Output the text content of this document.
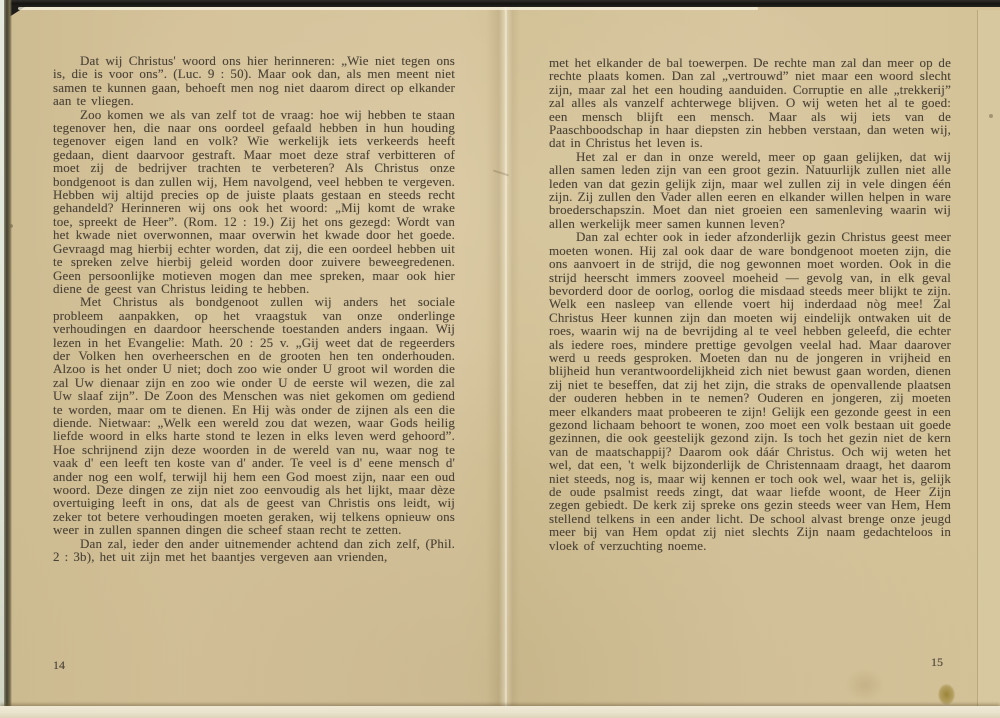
Dat wij Christus' woord ons hier herinneren: „Wie niet tegen ons is, die is voor ons”. (Luc. 9 : 50). Maar ook dan, als men meent niet samen te kunnen gaan, behoeft men nog niet daarom direct op elkander aan te vliegen.

Zoo komen we als van zelf tot de vraag: hoe wij hebben te staan tegenover hen, die naar ons oordeel gefaald hebben in hun houding tegenover eigen land en volk? Wie werkelijk iets verkeerds heeft gedaan, dient daarvoor gestraft. Maar moet deze straf verbitteren of moet zij de bedrijver trachten te verbeteren? Als Christus onze bondgenoot is dan zullen wij, Hem navolgend, veel hebben te vergeven. Hebben wij altijd precies op de juiste plaats gestaan en steeds recht gehandeld? Herinneren wij ons ook het woord: „Mij komt de wrake toe, spreekt de Heer”. (Rom. 12 : 19.) Zij het ons gezegd: Wordt van het kwade niet overwonnen, maar overwin het kwade door het goede. Gevraagd mag hierbij echter worden, dat zij, die een oordeel hebben uit te spreken zelve hierbij geleid worden door zuivere beweegredenen. Geen persoonlijke motieven mogen dan mee spreken, maar ook hier diene de geest van Christus leiding te hebben.

Met Christus als bondgenoot zullen wij anders het sociale probleem aanpakken, op het vraagstuk van onze onderlinge verhoudingen en daardoor heerschende toestanden anders ingaan. Wij lezen in het Evangelie: Math. 20 : 25 v. „Gij weet dat de regeerders der Volken hen overheerschen en de grooten hen ten onderhouden. Alzoo is het onder U niet; doch zoo wie onder U groot wil worden die zal Uw dienaar zijn en zoo wie onder U de eerste wil wezen, die zal Uw slaaf zijn”. De Zoon des Menschen was niet gekomen om gediend te worden, maar om te dienen. En Hij wàs onder de zijnen als een die diende. Nietwaar: „Welk een wereld zou dat wezen, waar Gods heilig liefde woord in elks harte stond te lezen in elks leven werd gehoord”. Hoe schrijnend zijn deze woorden in de wereld van nu, waar nog te vaak d' een leeft ten koste van d' ander. Te veel is d' eene mensch d' ander nog een wolf, terwijl hij hem een God moest zijn, naar een oud woord. Deze dingen ze zijn niet zoo eenvoudig als het lijkt, maar dèze overtuiging leeft in ons, dat als de geest van Christis ons leidt, wij zeker tot betere verhoudingen moeten geraken, wij telkens opnieuw ons weer in zullen spannen dingen die scheef staan recht te zetten.

Dan zal, ieder den ander uitnemender achtend dan zich zelf, (Phil. 2 : 3b), het uit zijn met het baantjes vergeven aan vrienden,

met het elkander de bal toewerpen. De rechte man zal dan meer op de rechte plaats komen. Dan zal „vertrouwd” niet maar een woord slecht zijn, maar zal het een houding aanduiden. Corruptie en alle „trekkerij” zal alles als vanzelf achterwege blijven. O wij weten het al te goed: een mensch blijft een mensch. Maar als wij iets van de Paaschboodschap in haar diepsten zin hebben verstaan, dan weten wij, dat in Christus het leven is.

Het zal er dan in onze wereld, meer op gaan gelijken, dat wij allen samen leden zijn van een groot gezin. Natuurlijk zullen niet alle leden van dat gezin gelijk zijn, maar wel zullen zij in vele dingen één zijn. Zij zullen den Vader allen eeren en elkander willen helpen in ware broederschapszin. Moet dan niet groeien een samenleving waarin wij allen werkelijk meer samen kunnen leven?

Dan zal echter ook in ieder afzonderlijk gezin Christus geest meer moeten wonen. Hij zal ook daar de ware bondgenoot moeten zijn, die ons aanvoert in de strijd, die nog gewonnen moet worden. Ook in die strijd heerscht immers zooveel moeheid — gevolg van, in elk geval bevorderd door de oorlog, oorlog die misdaad steeds meer blijkt te zijn. Welk een nasleep van ellende voert hij inderdaad nòg mee! Zal Christus Heer kunnen zijn dan moeten wij eindelijk ontwaken uit de roes, waarin wij na de bevrijding al te veel hebben geleefd, die echter als iedere roes, mindere prettige gevolgen veelal had. Maar daarover werd u reeds gesproken. Moeten dan nu de jongeren in vrijheid en blijheid hun verantwoordelijkheid zich niet bewust gaan worden, dienen zij niet te beseffen, dat zij het zijn, die straks de openvallende plaatsen der ouderen hebben in te nemen? Ouderen en jongeren, zij moeten meer elkanders maat probeeren te zijn! Gelijk een gezonde geest in een gezond lichaam behoort te wonen, zoo moet een volk bestaan uit goede gezinnen, die ook geestelijk gezond zijn. Is toch het gezin niet de kern van de maatschappij? Daarom ook dáár Christus. Och wij weten het wel, dat een, 't welk bijzonderlijk de Christennaam draagt, het daarom niet steeds, nog is, maar wij kennen er toch ook wel, waar het is, gelijk de oude psalmist reeds zingt, dat waar liefde woont, de Heer Zijn zegen gebiedt. De kerk zij spreke ons gezin steeds weer van Hem, Hem stellend telkens in een ander licht. De school alvast brenge onze jeugd meer bij van Hem opdat zij niet slechts Zijn naam gedachteloos in vloek of verzuchting noeme.

14	15
